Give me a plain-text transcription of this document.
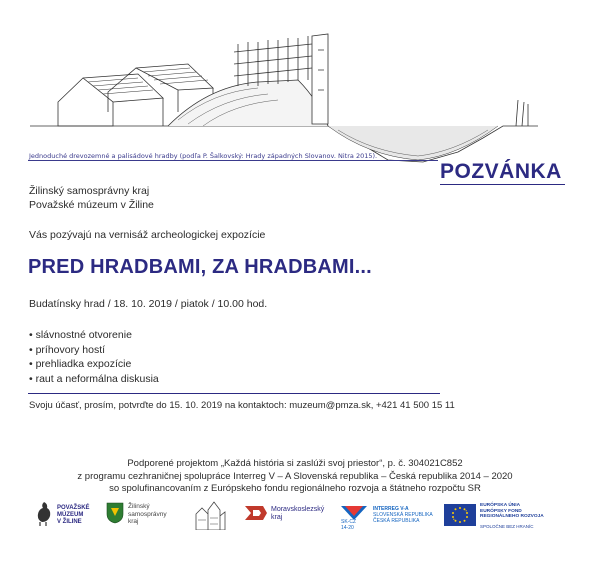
Jednoduché drevozemné a palisádové hradby (podľa P. Šalkovský: Hrady západných Slovanov. Nitra 2015).
POZVÁNKA
Žilinský samosprávny kraj
Považské múzeum v Žiline
Vás pozývajú na vernisáž archeologickej expozície
PRED HRADBAMI, ZA HRADBAMI...
Budatínsky hrad / 18. 10. 2019 / piatok / 10.00 hod.
• slávnostné otvorenie
• príhovory hostí
• prehliadka expozície
• raut a neformálna diskusia
Svoju účasť, prosím, potvrďte do 15. 10. 2019 na kontaktoch: muzeum@pmza.sk, +421 41 500 15 11
Podporené projektom „Každá história si zaslúži svoj priestor“, p. č. 304021C852
z programu cezhraničnej spolupráce Interreg V – A Slovenská republika – Česká republika 2014 – 2020
so spolufinancovaním z Európskeho fondu regionálneho rozvoja a štátneho rozpočtu SR
POVAŽSKÉ
MÚZEUM
V ŽILINE
Žilinský
samosprávny
kraj
Moravskoslezský
kraj
SK-CZ
14-20
INTERREG V-A
SLOVENSKÁ REPUBLIKA
ČESKÁ REPUBLIKA
EURÓPSKA ÚNIA
EURÓPSKY FOND
REGIONÁLNEHO ROZVOJA
SPOLOČNE BEZ HRANÍC
